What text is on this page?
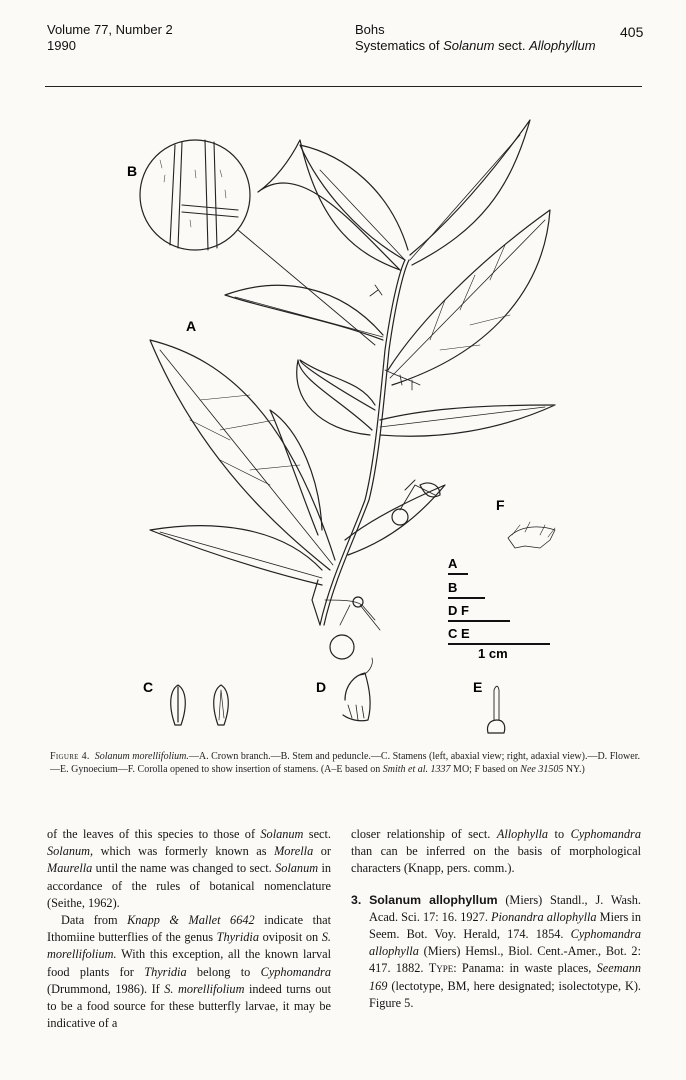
Volume 77, Number 2
1990
Bohs
Systematics of Solanum sect. Allophyllum
405
B
A
F
C	D	E
A
B
D F
C E
1 cm
Figure 4. Solanum morellifolium.—A. Crown branch.—B. Stem and peduncle.—C. Stamens (left, abaxial view; right, adaxial view).—D. Flower.—E. Gynoecium—F. Corolla opened to show insertion of stamens. (A–E based on Smith et al. 1337 MO; F based on Nee 31505 NY.)

of the leaves of this species to those of Solanum sect. Solanum, which was formerly known as Morella or Maurella until the name was changed to sect. Solanum in accordance of the rules of botanical nomenclature (Seithe, 1962).

Data from Knapp & Mallet 6642 indicate that Ithomiine butterflies of the genus Thyridia oviposit on S. morellifolium. With this exception, all the known larval food plants for Thyridia belong to Cyphomandra (Drummond, 1986). If S. morellifolium indeed turns out to be a food source for these butterfly larvae, it may be indicative of a

closer relationship of sect. Allophylla to Cyphomandra than can be inferred on the basis of morphological characters (Knapp, pers. comm.).

3. Solanum allophyllum (Miers) Standl., J. Wash. Acad. Sci. 17: 16. 1927. Pionandra allophylla Miers in Seem. Bot. Voy. Herald, 174. 1854. Cyphomandra allophylla (Miers) Hemsl., Biol. Cent.-Amer., Bot. 2: 417. 1882. Type: Panama: in waste places, Seemann 169 (lectotype, BM, here designated; isolectotype, K). Figure 5.
